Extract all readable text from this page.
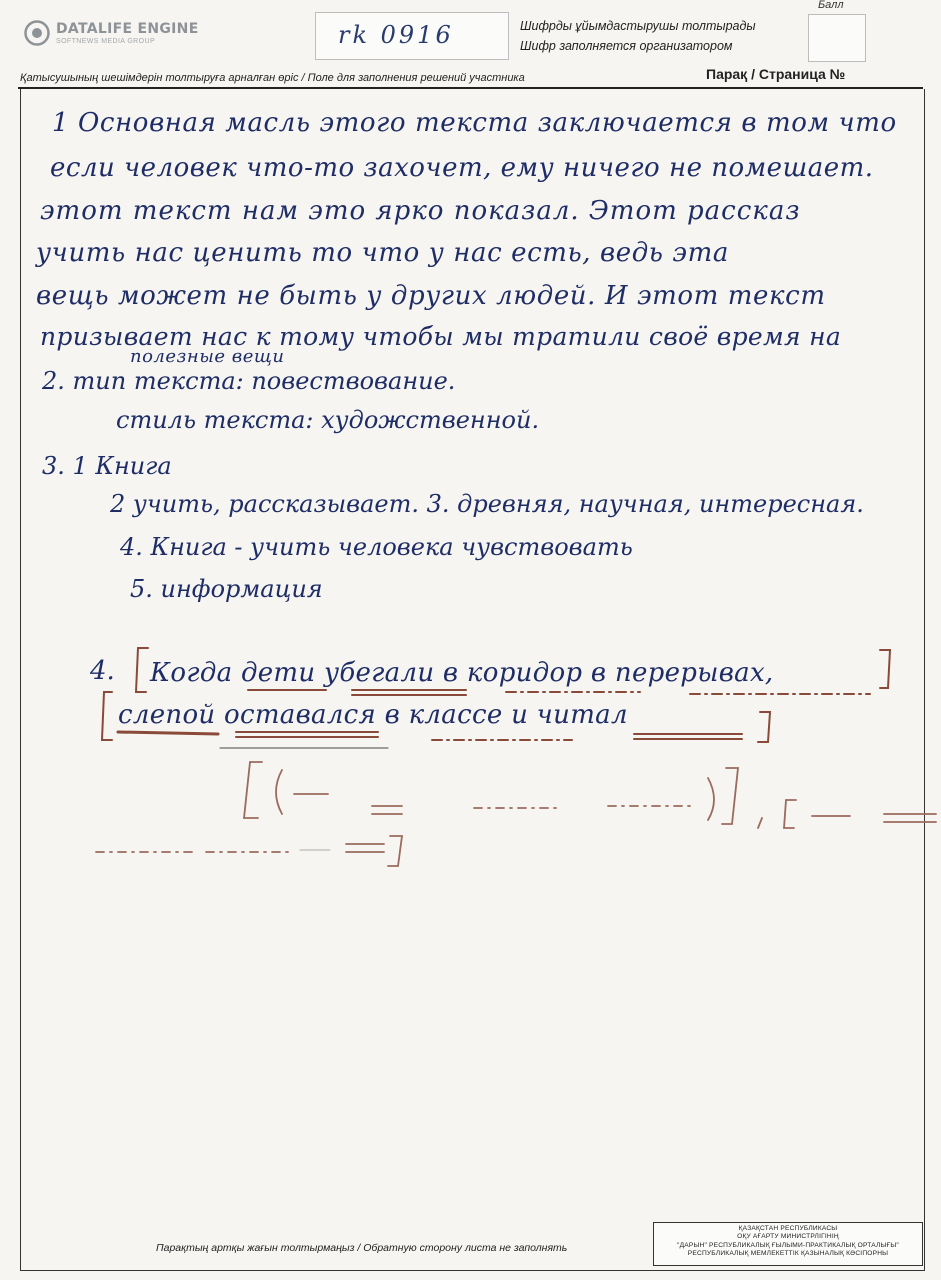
DATALIFE ENGINE
SOFTNEWS MEDIA GROUP	rk 0916	Шифрды ұйымдастырушы толтырады
Шифр заполняется организатором
Балл
Қатысушының шешімдерін толтыруға арналған өріс / Поле для заполнения решений участника	Парақ / Страница №
1 Основная масль этого текста заключается в том что
если человек что-то захочет, ему ничего не помешает.
этот текст нам это ярко показал. Этот рассказ
учить нас ценить то что у нас есть, ведь эта
вещь может не быть у других людей. И этот текст
призывает нас к тому чтобы мы тратили своё время на
полезные вещи
2. тип текста: повествование.
стиль текста: художственной.
3. 1 Книга
2 учить, рассказывает. 3. древняя, научная, интересная.
4. Книга - учить человека чувствовать
5. информация
4. Когда дети убегали в коридор в перерывах,
слепой оставался в классе и читал
Парақтың артқы жағын толтырмаңыз / Обратную сторону листа не заполнять
ҚАЗАҚСТАН РЕСПУБЛИКАСЫ
ОҚУ АҒАРТУ МИНИСТРЛІГІНІҢ
"ДАРЫН" РЕСПУБЛИКАЛЫҚ ҒЫЛЫМИ-ПРАКТИКАЛЫҚ ОРТАЛЫҒЫ"
РЕСПУБЛИКАЛЫҚ МЕМЛЕКЕТТІК ҚАЗЫНАЛЫҚ КӘСІПОРНЫ
